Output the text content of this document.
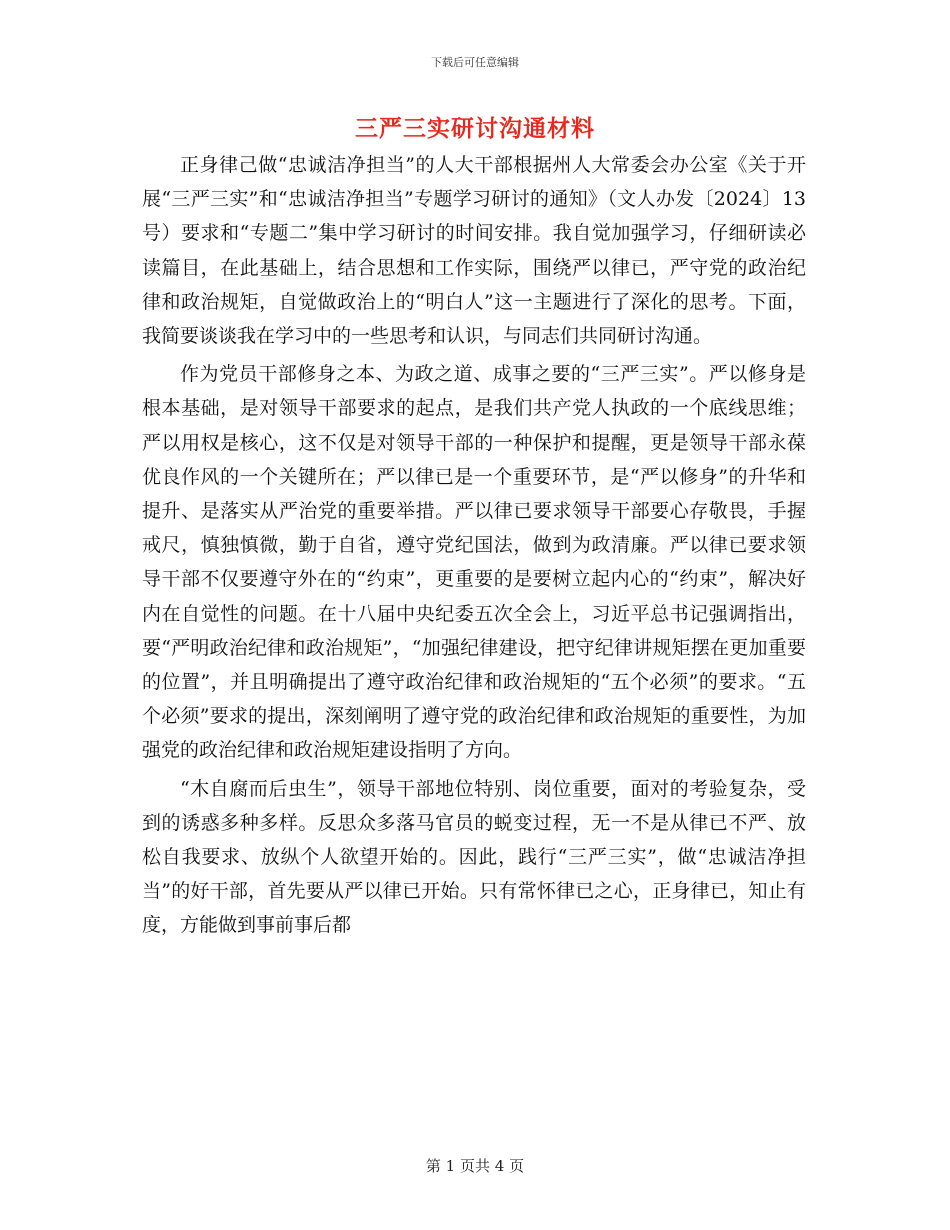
下载后可任意编辑
三严三实研讨沟通材料

正身律己做“忠诚洁净担当”的人大干部根据州人大常委会办公室《关于开展“三严三实”和“忠诚洁净担当”专题学习研讨的通知》（文人办发〔2024〕13号）要求和“专题二”集中学习研讨的时间安排。我自觉加强学习，仔细研读必读篇目，在此基础上，结合思想和工作实际，围绕严以律已，严守党的政治纪律和政治规矩，自觉做政治上的“明白人”这一主题进行了深化的思考。下面，我简要谈谈我在学习中的一些思考和认识，与同志们共同研讨沟通。

作为党员干部修身之本、为政之道、成事之要的“三严三实”。严以修身是根本基础，是对领导干部要求的起点，是我们共产党人执政的一个底线思维；严以用权是核心，这不仅是对领导干部的一种保护和提醒，更是领导干部永葆优良作风的一个关键所在；严以律已是一个重要环节，是“严以修身”的升华和提升、是落实从严治党的重要举措。严以律已要求领导干部要心存敬畏，手握戒尺，慎独慎微，勤于自省，遵守党纪国法，做到为政清廉。严以律已要求领导干部不仅要遵守外在的“约束”，更重要的是要树立起内心的“约束”，解决好内在自觉性的问题。在十八届中央纪委五次全会上，习近平总书记强调指出，要“严明政治纪律和政治规矩”，“加强纪律建设，把守纪律讲规矩摆在更加重要的位置”，并且明确提出了遵守政治纪律和政治规矩的“五个必须”的要求。“五个必须”要求的提出，深刻阐明了遵守党的政治纪律和政治规矩的重要性，为加强党的政治纪律和政治规矩建设指明了方向。

“木自腐而后虫生”，领导干部地位特别、岗位重要，面对的考验复杂，受到的诱惑多种多样。反思众多落马官员的蜕变过程，无一不是从律已不严、放松自我要求、放纵个人欲望开始的。因此，践行“三严三实”，做“忠诚洁净担当”的好干部，首先要从严以律已开始。只有常怀律已之心，正身律已，知止有度，方能做到事前事后都

第 1 页共 4 页
